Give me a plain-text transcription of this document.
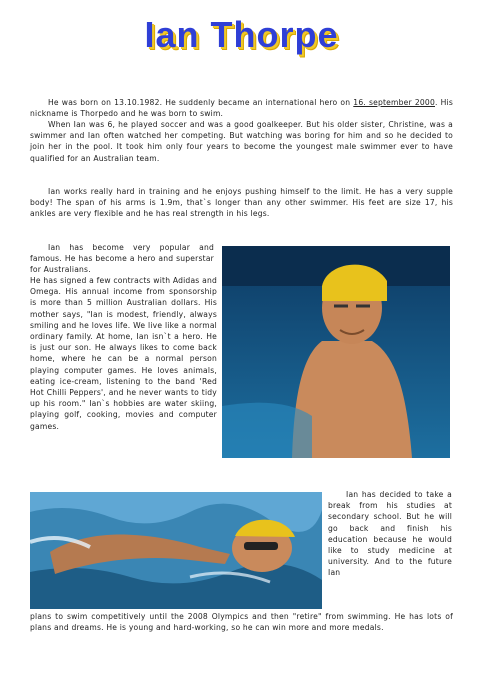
Ian Thorpe
He was born on 13.10.1982. He suddenly became an international hero on 16. september 2000. His nickname is Thorpedo and he was born to swim.
When Ian was 6, he played soccer and was a good goalkeeper. But his older sister, Christine, was a swimmer and Ian often watched her competing. But watching was boring for him and so he decided to join her in the pool. It took him only four years to become the youngest male swimmer ever to have qualified for an Australian team.
Ian works really hard in training and he enjoys pushing himself to the limit. He has a very supple body! The span of his arms is 1.9m, that`s longer than any other swimmer. His feet are size 17, his ankles are very flexible and he has real strength in his legs.
Ian has become very popular and famous. He has become a hero and superstar for Australians.
He has signed a few contracts with Adidas and Omega. His annual income from sponsorship is more than 5 million Australian dollars. His mother says, "Ian is modest, friendly, always smiling and he loves life. We live like a normal ordinary family. At home, Ian isn`t a hero. He is just our son. He always likes to come back home, where he can be a normal person playing computer games. He loves animals, eating ice-cream, listening to the band 'Red Hot Chilli Peppers', and he never wants to tidy up his room." Ian`s hobbies are water skiing, playing golf, cooking, movies and computer games.
Ian has decided to take a break from his studies at secondary school. But he will go back and finish his education because he would like to study medicine at university. And to the future Ian
plans to swim competitively until the 2008 Olympics and then "retire" from swimming. He has lots of plans and dreams. He is young and hard-working, so he can win more and more medals.
